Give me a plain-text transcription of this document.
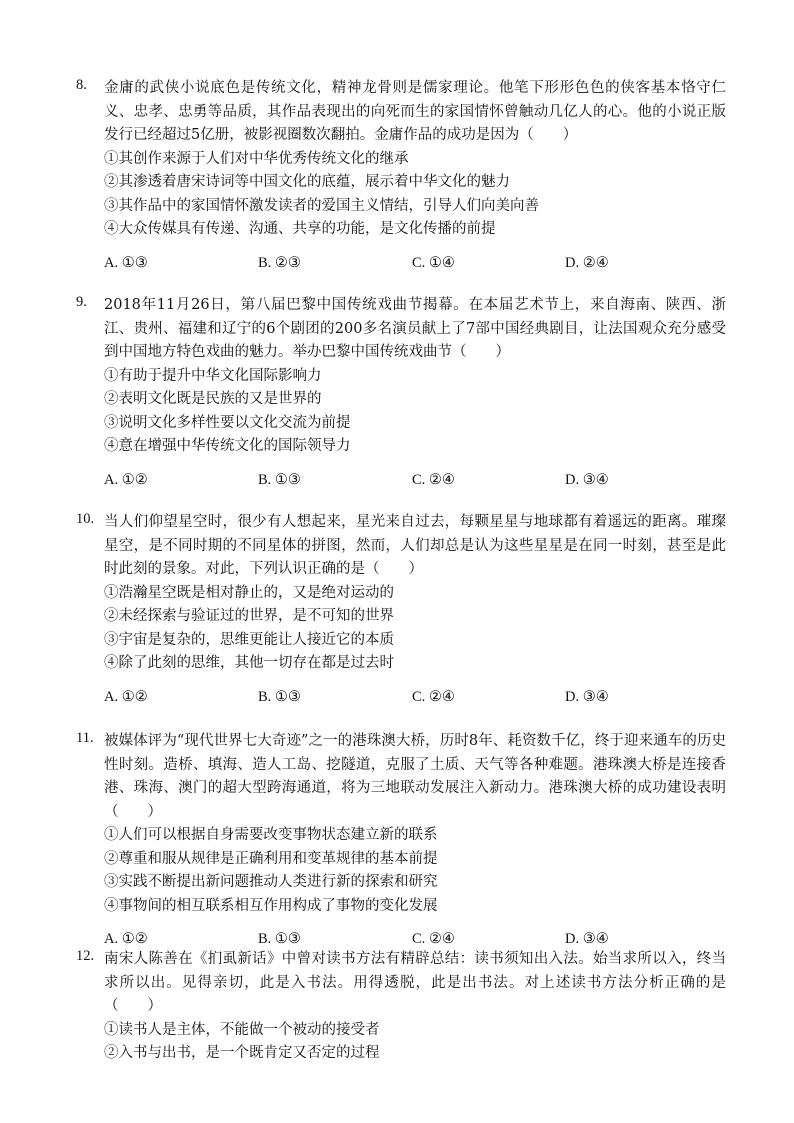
8. 金庸的武侠小说底色是传统文化，精神龙骨则是儒家理论。他笔下形形色色的侠客基本恪守仁义、忠孝、忠勇等品质，其作品表现出的向死而生的家国情怀曾触动几亿人的心。他的小说正版发行已经超过5亿册，被影视圈数次翻拍。金庸作品的成功是因为（　　）

①其创作来源于人们对中华优秀传统文化的继承
②其渗透着唐宋诗词等中国文化的底蕴，展示着中华文化的魅力
③其作品中的家国情怀激发读者的爱国主义情结，引导人们向美向善
④大众传媒具有传递、沟通、共享的功能，是文化传播的前提
A. ①③	B. ②③	C. ①④	D. ②④
9. 2018年11月26日，第八届巴黎中国传统戏曲节揭幕。在本届艺术节上，来自海南、陕西、浙江、贵州、福建和辽宁的6个剧团的200多名演员献上了7部中国经典剧目，让法国观众充分感受到中国地方特色戏曲的魅力。举办巴黎中国传统戏曲节（　　）

①有助于提升中华文化国际影响力
②表明文化既是民族的又是世界的
③说明文化多样性要以文化交流为前提
④意在增强中华传统文化的国际领导力
A. ①②	B. ①③	C. ②④	D. ③④
10. 当人们仰望星空时，很少有人想起来，星光来自过去，每颗星星与地球都有着遥远的距离。璀璨星空，是不同时期的不同星体的拼图，然而，人们却总是认为这些星星是在同一时刻，甚至是此时此刻的景象。对此，下列认识正确的是（　　）

①浩瀚星空既是相对静止的，又是绝对运动的
②未经探索与验证过的世界，是不可知的世界
③宇宙是复杂的，思维更能让人接近它的本质
④除了此刻的思维，其他一切存在都是过去时
A. ①②	B. ①③	C. ②④	D. ③④
11. 被媒体评为“现代世界七大奇迹”之一的港珠澳大桥，历时8年、耗资数千亿，终于迎来通车的历史性时刻。造桥、填海、造人工岛、挖隧道，克服了土质、天气等各种难题。港珠澳大桥是连接香港、珠海、澳门的超大型跨海通道，将为三地联动发展注入新动力。港珠澳大桥的成功建设表明（　　）

①人们可以根据自身需要改变事物状态建立新的联系
②尊重和服从规律是正确利用和变革规律的基本前提
③实践不断提出新问题推动人类进行新的探索和研究
④事物间的相互联系相互作用构成了事物的变化发展
A. ①②	B. ①③	C. ②④	D. ③④
12. 南宋人陈善在《扪虱新话》中曾对读书方法有精辟总结：读书须知出入法。始当求所以入，终当求所以出。见得亲切，此是入书法。用得透脱，此是出书法。对上述读书方法分析正确的是（　　）

①读书人是主体，不能做一个被动的接受者
②入书与出书，是一个既肯定又否定的过程
